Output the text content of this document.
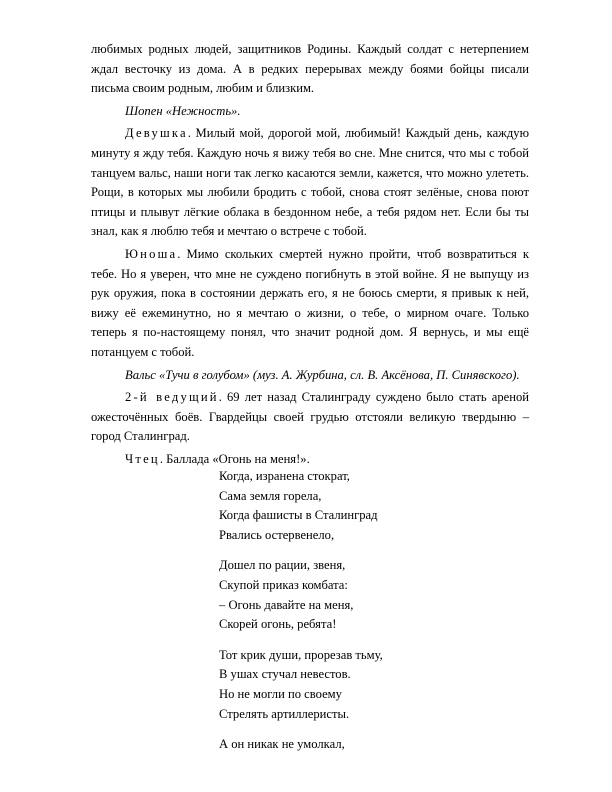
любимых родных людей, защитников Родины. Каждый солдат с нетерпением ждал весточку из дома. А в редких перерывах между боями бойцы писали письма своим родным, любим и близким.

Шопен «Нежность».

Девушка. Милый мой, дорогой мой, любимый! Каждый день, каждую минуту я жду тебя. Каждую ночь я вижу тебя во сне. Мне снится, что мы с тобой танцуем вальс, наши ноги так легко касаются земли, кажется, что можно улететь. Рощи, в которых мы любили бродить с тобой, снова стоят зелёные, снова поют птицы и плывут лёгкие облака в бездонном небе, а тебя рядом нет. Если бы ты знал, как я люблю тебя и мечтаю о встрече с тобой.

Юноша. Мимо скольких смертей нужно пройти, чтоб возвратиться к тебе. Но я уверен, что мне не суждено погибнуть в этой войне. Я не выпущу из рук оружия, пока в состоянии держать его, я не боюсь смерти, я привык к ней, вижу её ежеминутно, но я мечтаю о жизни, о тебе, о мирном очаге. Только теперь я по-настоящему понял, что значит родной дом. Я вернусь, и мы ещё потанцуем с тобой.

Вальс «Тучи в голубом» (муз. А. Журбина, сл. В. Аксёнова, П. Синявского).

2-й ведущий. 69 лет назад Сталинграду суждено было стать ареной ожесточённых боёв. Гвардейцы своей грудью отстояли великую твердыню – город Сталинград.

Чтец. Баллада «Огонь на меня!».

Когда, израненa стократ,
Сама земля горела,
Когда фашисты в Сталинград
Рвались остервенело,
Дошел по рации, звеня,
Скупой приказ комбата:
– Огонь давайте на меня,
Скорей огонь, ребята!
Тот крик души, прорезав тьму,
В ушах стучал невестов.
Но не могли по своему
Стрелять артиллеристы.
А он никак не умолкал,
